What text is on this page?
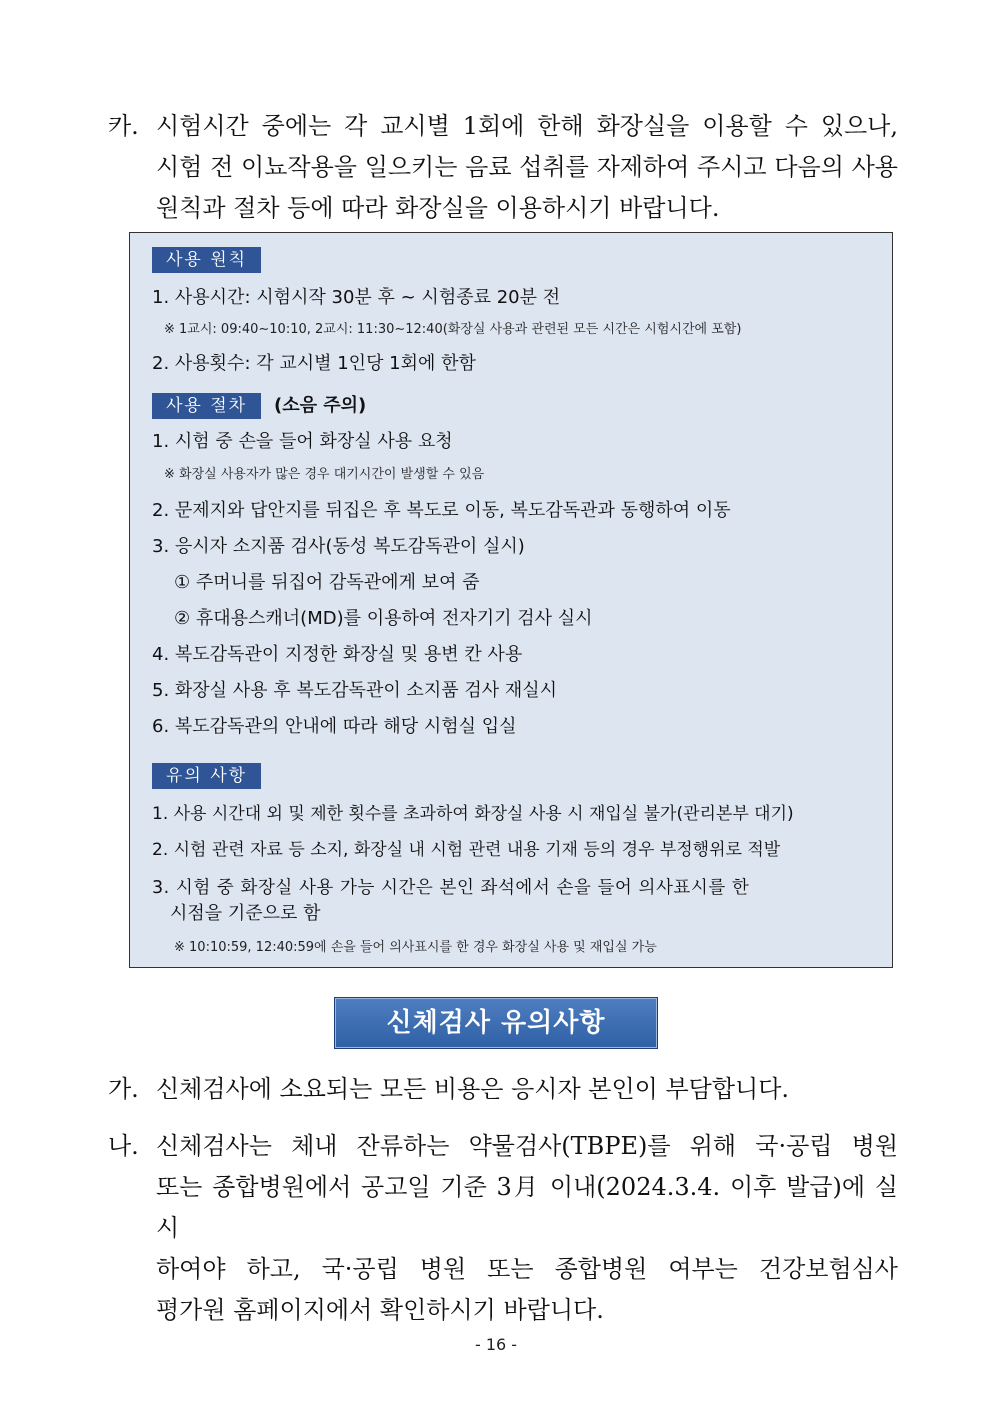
카. 시험시간 중에는 각 교시별 1회에 한해 화장실을 이용할 수 있으나,
시험 전 이뇨작용을 일으키는 음료 섭취를 자제하여 주시고 다음의 사용
원칙과 절차 등에 따라 화장실을 이용하시기 바랍니다.
사용 원칙
1. 사용시간: 시험시작 30분 후 ~ 시험종료 20분 전
※ 1교시: 09:40∼10:10, 2교시: 11:30∼12:40(화장실 사용과 관련된 모든 시간은 시험시간에 포함)
2. 사용횟수: 각 교시별 1인당 1회에 한함
사용 절차	(소음 주의)
1. 시험 중 손을 들어 화장실 사용 요청
※ 화장실 사용자가 많은 경우 대기시간이 발생할 수 있음
2. 문제지와 답안지를 뒤집은 후 복도로 이동, 복도감독관과 동행하여 이동
3. 응시자 소지품 검사(동성 복도감독관이 실시)
① 주머니를 뒤집어 감독관에게 보여 줌
② 휴대용스캐너(MD)를 이용하여 전자기기 검사 실시
4. 복도감독관이 지정한 화장실 및 용변 칸 사용
5. 화장실 사용 후 복도감독관이 소지품 검사 재실시
6. 복도감독관의 안내에 따라 해당 시험실 입실
유의 사항
1. 사용 시간대 외 및 제한 횟수를 초과하여 화장실 사용 시 재입실 불가(관리본부 대기)
2. 시험 관련 자료 등 소지, 화장실 내 시험 관련 내용 기재 등의 경우 부정행위로 적발
3. 시험 중 화장실 사용 가능 시간은 본인 좌석에서 손을 들어 의사표시를 한
시점을 기준으로 함
※ 10:10:59, 12:40:59에 손을 들어 의사표시를 한 경우 화장실 사용 및 재입실 가능
신체검사 유의사항
가. 신체검사에 소요되는 모든 비용은 응시자 본인이 부담합니다.
나. 신체검사는 체내 잔류하는 약물검사(TBPE)를 위해 국·공립 병원
또는 종합병원에서 공고일 기준 3月 이내(2024.3.4. 이후 발급)에 실시
하여야 하고, 국·공립 병원 또는 종합병원 여부는 건강보험심사
평가원 홈페이지에서 확인하시기 바랍니다.
- 16 -
